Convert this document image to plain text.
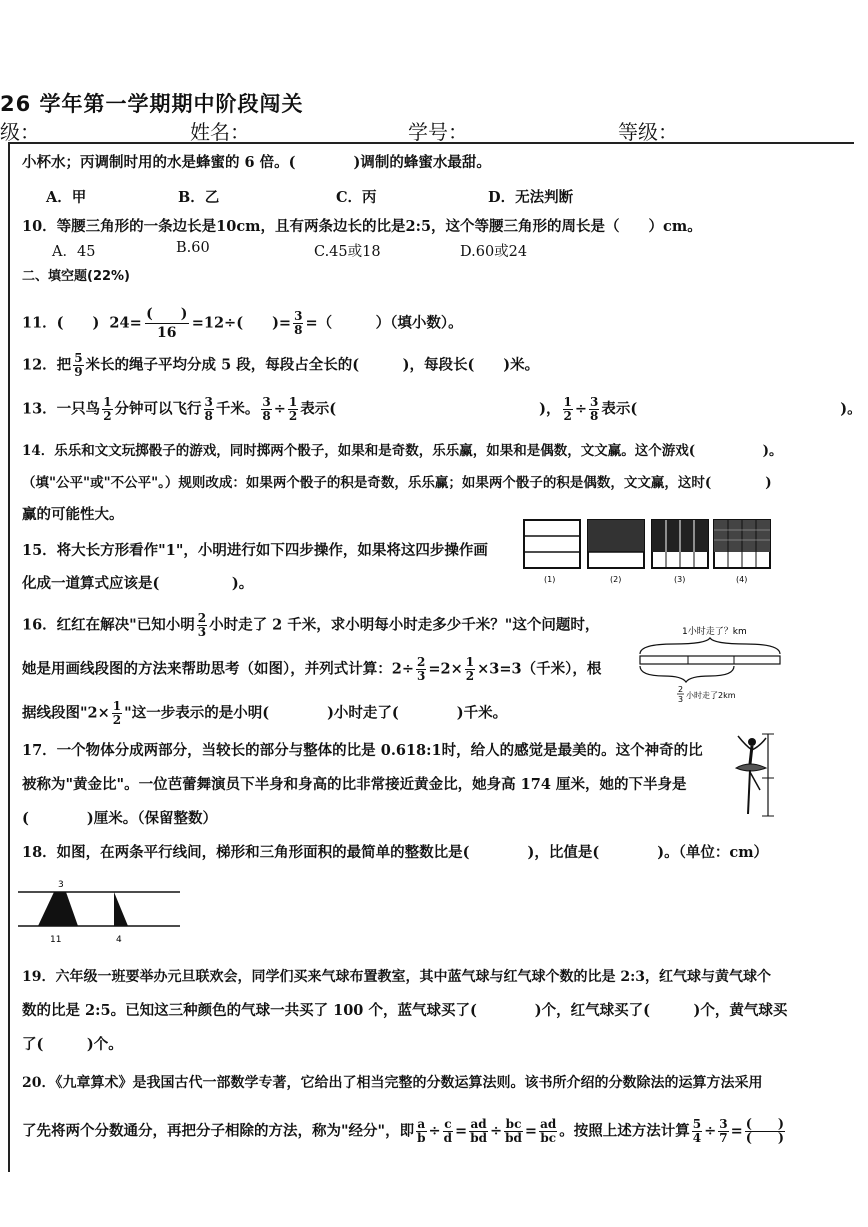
26 学年第一学期期中阶段闯关
级：	姓名：	学号：	等级：
小杯水；丙调制时用的水是蜂蜜的 6 倍。(　　　　)调制的蜂蜜水最甜。
A．甲	B．乙	C．丙	D．无法判断
10．等腰三角形的一条边长是10cm，且有两条边长的比是2:5，这个等腰三角形的周长是（　　）cm。
A．45	B.60	C.45或18	D.60或24
二、填空题(22%)
11．(　　) 24=
(　　)
16
=12÷(　　)= $\frac{3}{8}$ =（　　　）（填小数）。
12．把 $\frac{5}{9}$ 米长的绳子平均分成 5 段，每段占全长的(　　　)，每段长(　　)米。
13．一只鸟 $\frac{1}{2}$ 分钟可以飞行 $\frac{3}{8}$ 千米。 $\frac{3}{8} \div \frac{1}{2}$ 表示(　　　　　　　　　　　　　　)， $\frac{1}{2} \div \frac{3}{8}$ 表示(　　　　　　　　　　　　　　)。
14．乐乐和文文玩掷骰子的游戏，同时掷两个骰子，如果和是奇数，乐乐赢，如果和是偶数，文文赢。这个游戏(　　　　　)。
（填"公平"或"不公平"。）规则改成：如果两个骰子的积是奇数，乐乐赢；如果两个骰子的积是偶数，文文赢，这时(　　　　)
赢的可能性大。
15．将大长方形看作"1"，小明进行如下四步操作，如果将这四步操作画
化成一道算式应该是(　　　　　)。	(1)	(2)	(3)	(4)
16．红红在解决"已知小明 $\frac{2}{3}$ 小时走了 2 千米，求小明每小时走多少千米？"这个问题时，
她是用画线段图的方法来帮助思考（如图），并列式计算：$2\div \frac{2}{3} =2\times \frac{1}{2} \times 3=3$（千米），根
据线段图"$2\times \frac{1}{2}$ "这一步表示的是小明(　　　　)小时走了(　　　　)千米。
1小时走了？km
2
3 小时走了2km
17．一个物体分成两部分，当较长的部分与整体的比是 0.618:1时，给人的感觉是最美的。这个神奇的比
被称为"黄金比"。一位芭蕾舞演员下半身和身高的比非常接近黄金比，她身高 174 厘米，她的下半身是
(　　　　)厘米。（保留整数）
18．如图，在两条平行线间，梯形和三角形面积的最简单的整数比是(　　　　)，比值是(　　　　)。（单位：cm）
3
11	4
19．六年级一班要举办元旦联欢会，同学们买来气球布置教室，其中蓝气球与红气球个数的比是 2:3，红气球与黄气球个
数的比是 2:5。已知这三种颜色的气球一共买了 100 个，蓝气球买了(　　　　)个，红气球买了(　　　)个，黄气球买
了(　　　)个。
20．《九章算术》是我国古代一部数学专著，它给出了相当完整的分数运算法则。该书所介绍的分数除法的运算方法采用
了先将两个分数通分，再把分子相除的方法，称为"经分"，即 $\frac{a}{b} \div \frac{c}{d} = \frac{ad}{bd} \div \frac{bc}{bd} = \frac{ad}{bc}$ 。按照上述方法计算 $\frac{5}{4} \div \frac{3}{7} = \frac{( )}{( )}$
